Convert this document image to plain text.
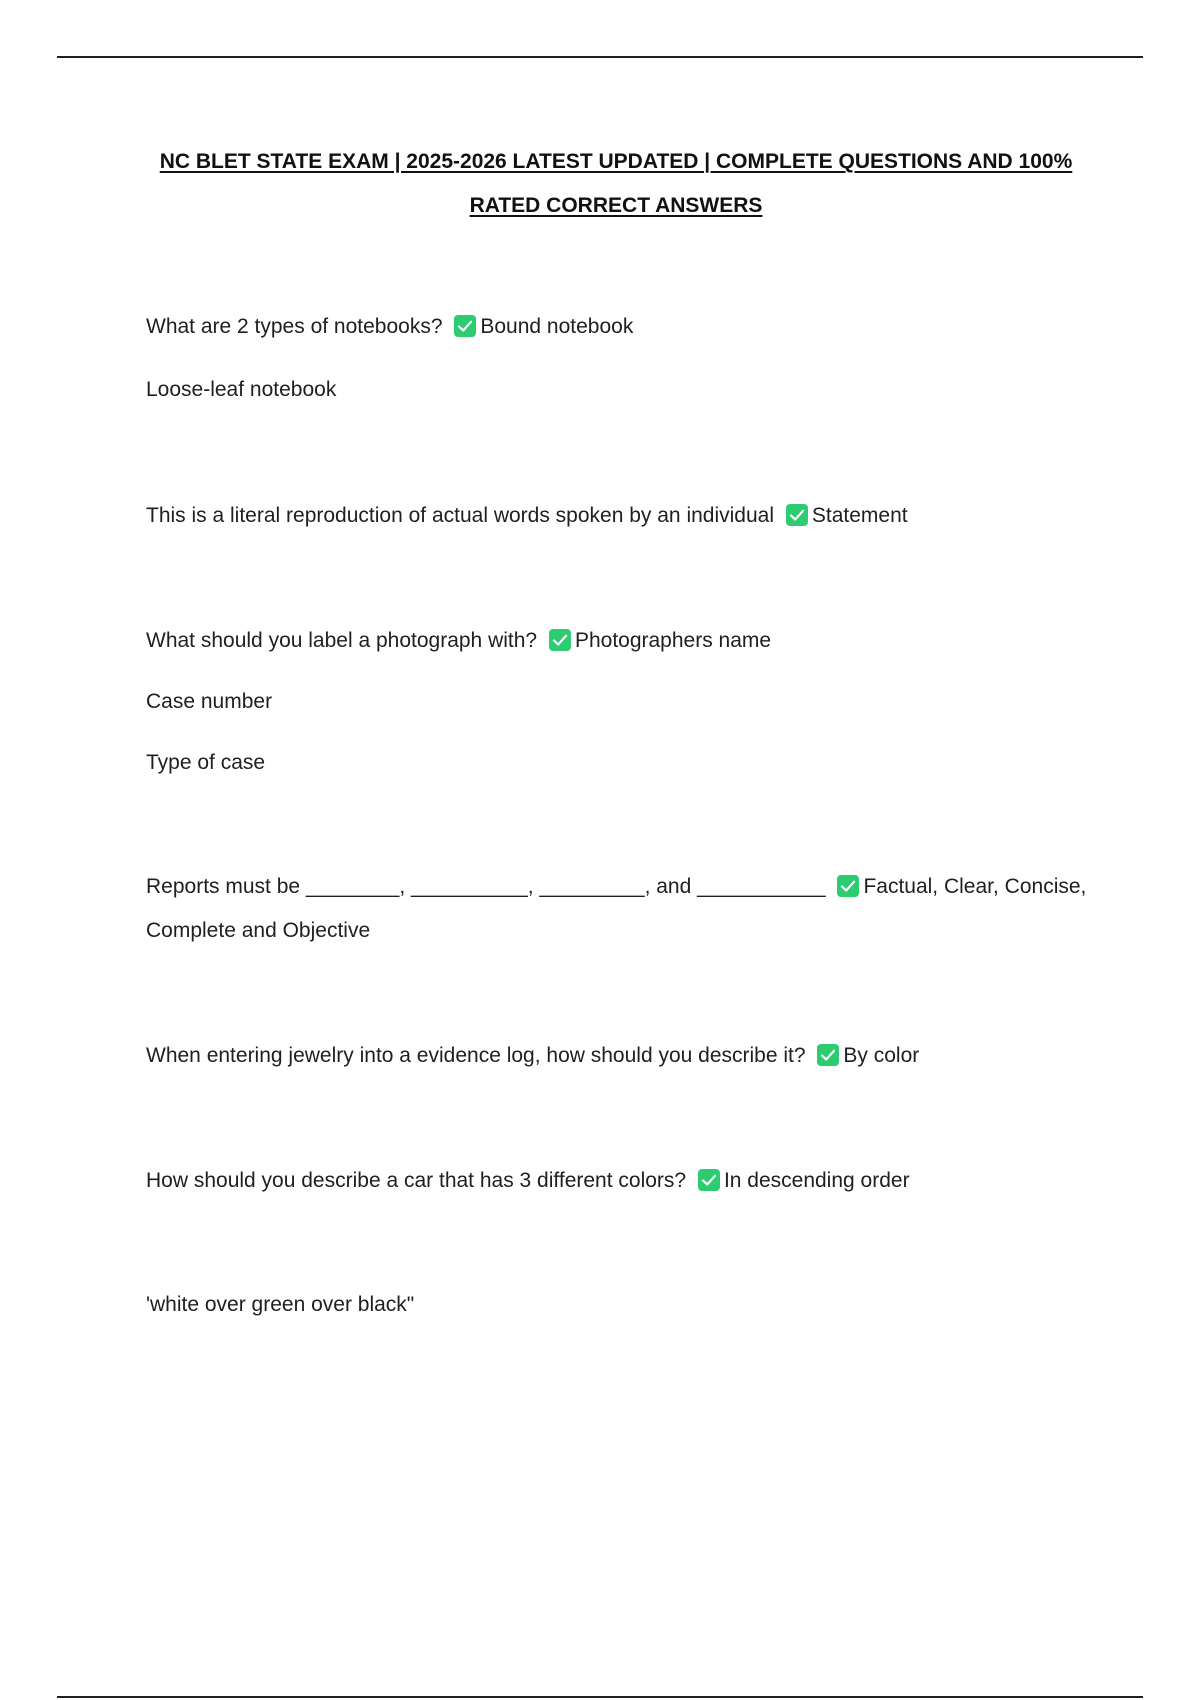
NC BLET STATE EXAM | 2025-2026 LATEST UPDATED | COMPLETE QUESTIONS AND 100%
RATED CORRECT ANSWERS
What are 2 types of notebooks? Bound notebook
Loose-leaf notebook
This is a literal reproduction of actual words spoken by an individual Statement
What should you label a photograph with? Photographers name
Case number
Type of case
Reports must be ________, __________, _________, and ___________ Factual, Clear, Concise,
Complete and Objective
When entering jewelry into a evidence log, how should you describe it? By color
How should you describe a car that has 3 different colors? In descending order
'white over green over black"
